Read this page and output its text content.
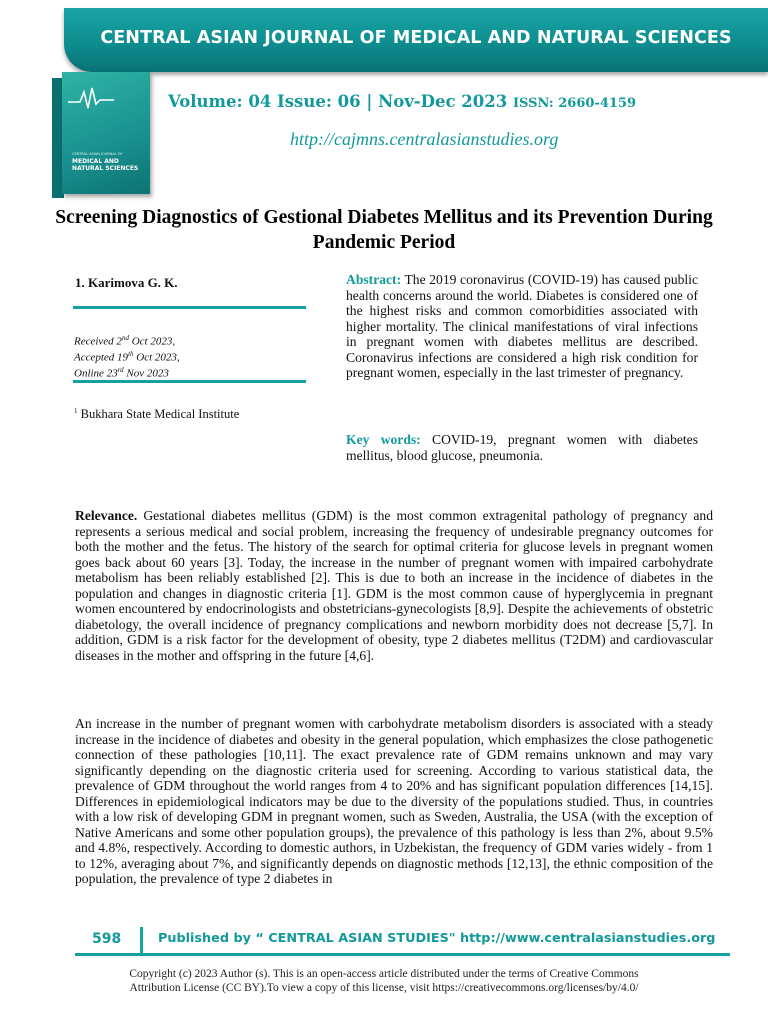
CENTRAL ASIAN JOURNAL OF MEDICAL AND NATURAL SCIENCES
CENTRAL ASIAN JOURNAL OF
MEDICAL AND NATURAL SCIENCES
Volume: 04 Issue: 06 | Nov-Dec 2023 ISSN: 2660-4159
http://cajmns.centralasianstudies.org
Screening Diagnostics of Gestional Diabetes Mellitus and its Prevention During Pandemic Period
1. Karimova G. K.
Received 2nd Oct 2023,
Accepted 19th Oct 2023,
Online 23rd Nov 2023
$^1$ Bukhara State Medical Institute
Abstract: The 2019 coronavirus (COVID-19) has caused public health concerns around the world. Diabetes is considered one of the highest risks and common comorbidities associated with higher mortality. The clinical manifestations of viral infections in pregnant women with diabetes mellitus are described. Coronavirus infections are considered a high risk condition for pregnant women, especially in the last trimester of pregnancy.
Key words: COVID-19, pregnant women with diabetes mellitus, blood glucose, pneumonia.
Relevance. Gestational diabetes mellitus (GDM) is the most common extragenital pathology of pregnancy and represents a serious medical and social problem, increasing the frequency of undesirable pregnancy outcomes for both the mother and the fetus. The history of the search for optimal criteria for glucose levels in pregnant women goes back about 60 years [3]. Today, the increase in the number of pregnant women with impaired carbohydrate metabolism has been reliably established [2]. This is due to both an increase in the incidence of diabetes in the population and changes in diagnostic criteria [1]. GDM is the most common cause of hyperglycemia in pregnant women encountered by endocrinologists and obstetricians-gynecologists [8,9]. Despite the achievements of obstetric diabetology, the overall incidence of pregnancy complications and newborn morbidity does not decrease [5,7]. In addition, GDM is a risk factor for the development of obesity, type 2 diabetes mellitus (T2DM) and cardiovascular diseases in the mother and offspring in the future [4,6].
An increase in the number of pregnant women with carbohydrate metabolism disorders is associated with a steady increase in the incidence of diabetes and obesity in the general population, which emphasizes the close pathogenetic connection of these pathologies [10,11]. The exact prevalence rate of GDM remains unknown and may vary significantly depending on the diagnostic criteria used for screening. According to various statistical data, the prevalence of GDM throughout the world ranges from 4 to 20% and has significant population differences [14,15]. Differences in epidemiological indicators may be due to the diversity of the populations studied. Thus, in countries with a low risk of developing GDM in pregnant women, such as Sweden, Australia, the USA (with the exception of Native Americans and some other population groups), the prevalence of this pathology is less than 2%, about 9.5% and 4.8%, respectively. According to domestic authors, in Uzbekistan, the frequency of GDM varies widely - from 1 to 12%, averaging about 7%, and significantly depends on diagnostic methods [12,13], the ethnic composition of the population, the prevalence of type 2 diabetes in
598	Published by “ CENTRAL ASIAN STUDIES" http://www.centralasianstudies.org
Copyright (c) 2023 Author (s). This is an open-access article distributed under the terms of Creative Commons
Attribution License (CC BY).To view a copy of this license, visit https://creativecommons.org/licenses/by/4.0/
